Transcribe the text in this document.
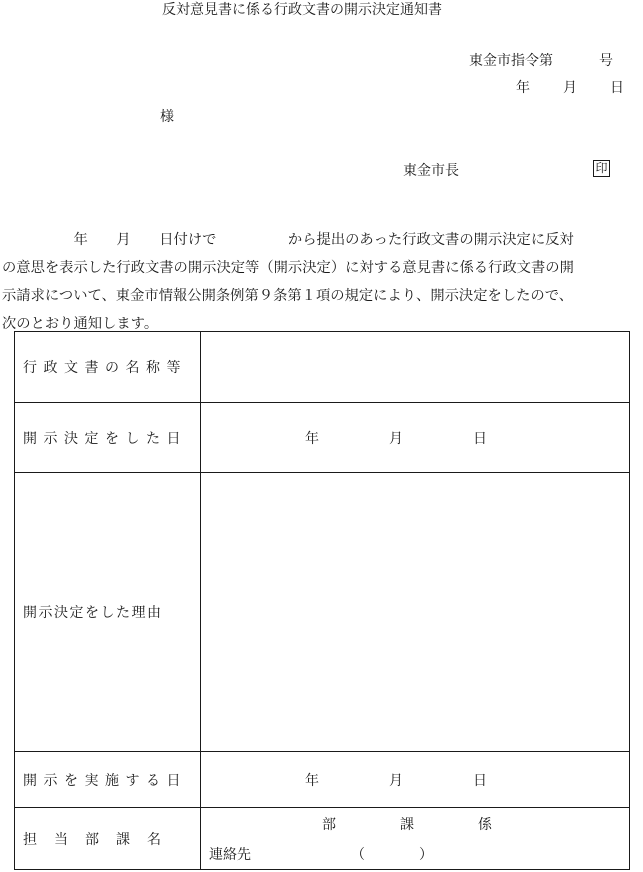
反対意見書に係る行政文書の開示決定通知書
東金市指令第	号
年 月 日
様
東金市長	印
　　　　　年　　月　　日付けで　　　　　から提出のあった行政文書の開示決定に反対
の意思を表示した行政文書の開示決定等（開示決定）に対する意見書に係る行政文書の開
示請求について、東金市情報公開条例第９条第１項の規定により、開示決定をしたので、
次のとおり通知します。
行政文書の名称等	
開示決定をした日	年 月 日
開示決定をした理由	
開示を実施する日	年 月 日
担当部課名	部 課 係
連絡先 （ ）
